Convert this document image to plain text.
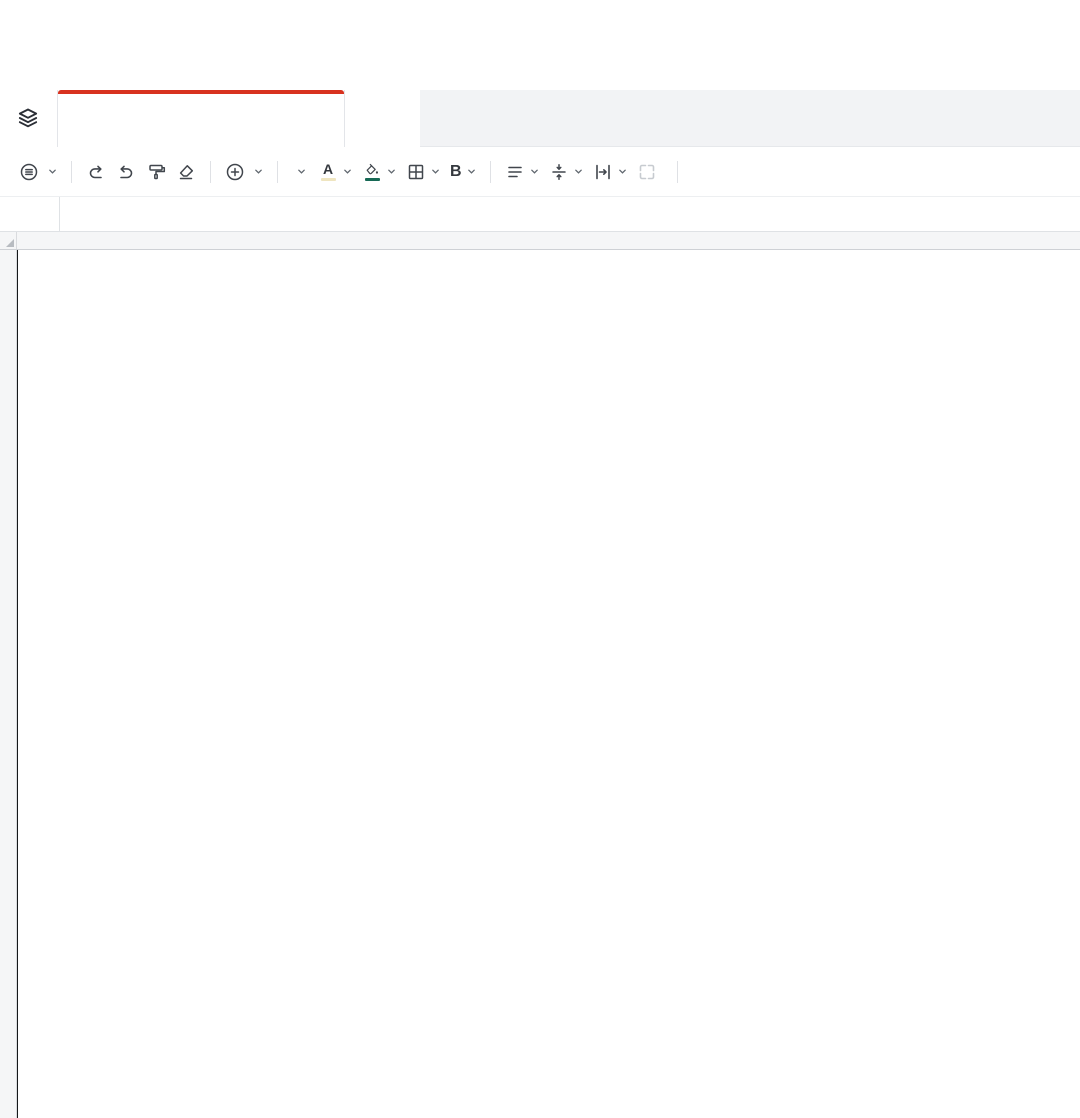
A	B
